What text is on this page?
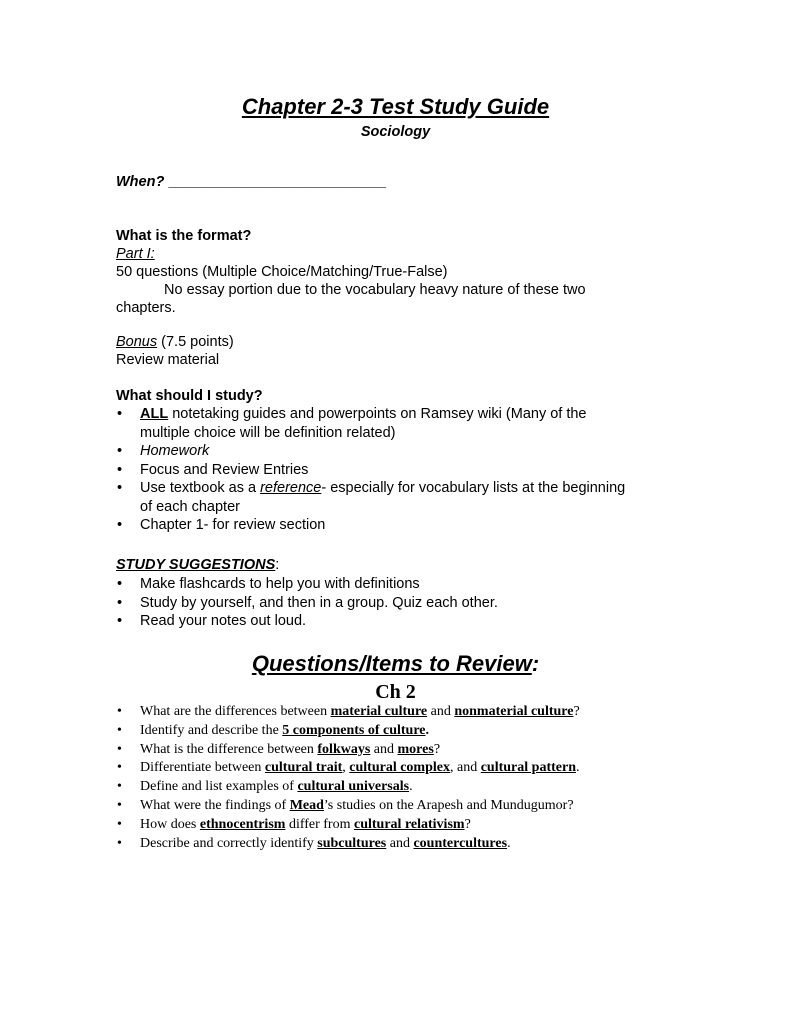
Chapter 2-3 Test Study Guide
Sociology
When? ___________________________
What is the format?
Part I:
50 questions (Multiple Choice/Matching/True-False)
No essay portion due to the vocabulary heavy nature of these two
chapters.
Bonus (7.5 points)
Review material
What should I study?
• ALL notetaking guides and powerpoints on Ramsey wiki (Many of the
multiple choice will be definition related)
• Homework
• Focus and Review Entries
• Use textbook as a reference- especially for vocabulary lists at the beginning
of each chapter
• Chapter 1- for review section
STUDY SUGGESTIONS:
• Make flashcards to help you with definitions
• Study by yourself, and then in a group. Quiz each other.
• Read your notes out loud.
Questions/Items to Review:
Ch 2
• What are the differences between material culture and nonmaterial culture?
• Identify and describe the 5 components of culture.
• What is the difference between folkways and mores?
• Differentiate between cultural trait, cultural complex, and cultural pattern.
• Define and list examples of cultural universals.
• What were the findings of Mead’s studies on the Arapesh and Mundugumor?
• How does ethnocentrism differ from cultural relativism?
• Describe and correctly identify subcultures and countercultures.
